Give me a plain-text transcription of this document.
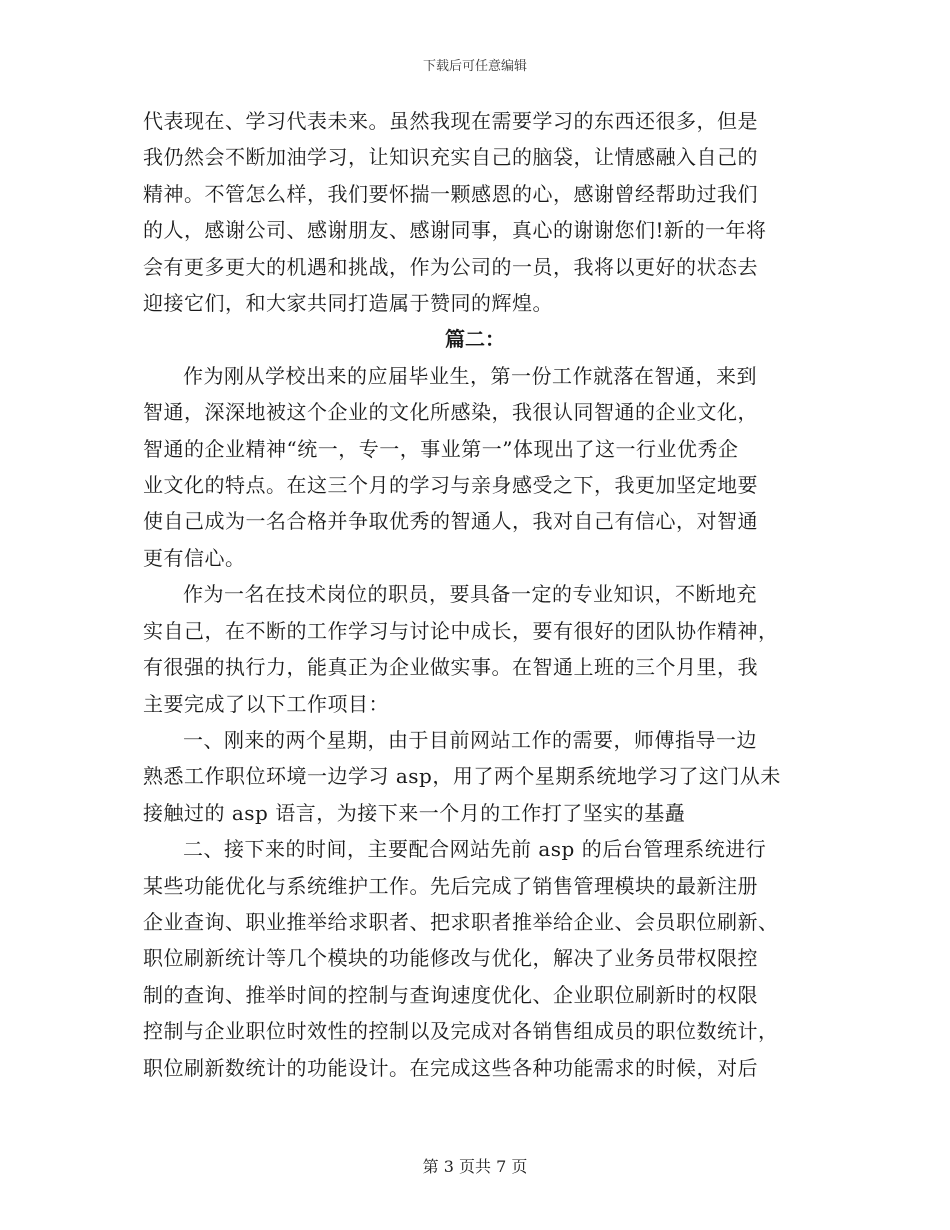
下载后可任意编辑
代表现在、学习代表未来。虽然我现在需要学习的东西还很多，但是
我仍然会不断加油学习，让知识充实自己的脑袋，让情感融入自己的
精神。不管怎么样，我们要怀揣一颗感恩的心，感谢曾经帮助过我们
的人，感谢公司、感谢朋友、感谢同事，真心的谢谢您们!新的一年将
会有更多更大的机遇和挑战，作为公司的一员，我将以更好的状态去
迎接它们，和大家共同打造属于赞同的辉煌。
篇二：
作为刚从学校出来的应届毕业生，第一份工作就落在智通，来到
智通，深深地被这个企业的文化所感染，我很认同智通的企业文化，
智通的企业精神“统一，专一，事业第一”体现出了这一行业优秀企
业文化的特点。在这三个月的学习与亲身感受之下，我更加坚定地要
使自己成为一名合格并争取优秀的智通人，我对自己有信心，对智通
更有信心。
作为一名在技术岗位的职员，要具备一定的专业知识，不断地充
实自己，在不断的工作学习与讨论中成长，要有很好的团队协作精神，
有很强的执行力，能真正为企业做实事。在智通上班的三个月里，我
主要完成了以下工作项目：
一、刚来的两个星期，由于目前网站工作的需要，师傅指导一边
熟悉工作职位环境一边学习 asp，用了两个星期系统地学习了这门从未
接触过的 asp 语言，为接下来一个月的工作打了坚实的基矗
二、接下来的时间，主要配合网站先前 asp 的后台管理系统进行
某些功能优化与系统维护工作。先后完成了销售管理模块的最新注册
企业查询、职业推举给求职者、把求职者推举给企业、会员职位刷新、
职位刷新统计等几个模块的功能修改与优化，解决了业务员带权限控
制的查询、推举时间的控制与查询速度优化、企业职位刷新时的权限
控制与企业职位时效性的控制以及完成对各销售组成员的职位数统计，
职位刷新数统计的功能设计。在完成这些各种功能需求的时候，对后
第 3 页共 7 页
